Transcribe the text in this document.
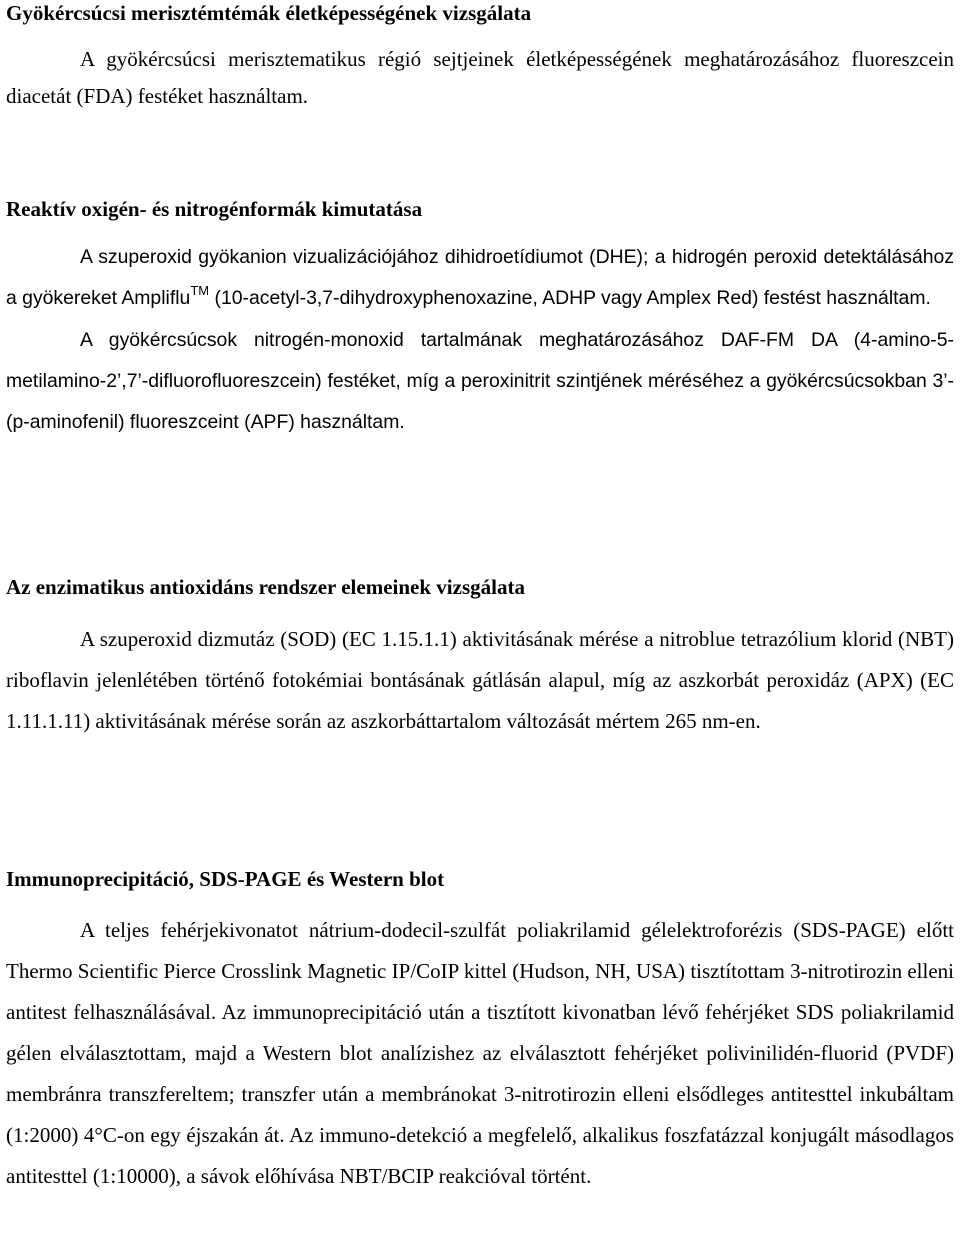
Gyökércsúcsi merisztémtémák életképességének vizsgálata

A gyökércsúcsi merisztematikus régió sejtjeinek életképességének meghatározásához fluoreszcein diacetát (FDA) festéket használtam.

Reaktív oxigén- és nitrogénformák kimutatása

A szuperoxid gyökanion vizualizációjához dihidroetídiumot (DHE); a hidrogén peroxid detektálásához a gyökereket Ampliflu™ (10-acetyl-3,7-dihydroxyphenoxazine, ADHP vagy Amplex Red) festést használtam.

A gyökércsúcsok nitrogén-monoxid tartalmának meghatározásához DAF-FM DA (4-amino-5-metilamino-2’,7’-difluorofluoreszcein) festéket, míg a peroxinitrit szintjének méréséhez a gyökércsúcsokban 3’-(p-aminofenil) fluoreszceint (APF) használtam.

Az enzimatikus antioxidáns rendszer elemeinek vizsgálata

A szuperoxid dizmutáz (SOD) (EC 1.15.1.1) aktivitásának mérése a nitroblue tetrazólium klorid (NBT) riboflavin jelenlétében történő fotokémiai bontásának gátlásán alapul, míg az aszkorbát peroxidáz (APX) (EC 1.11.1.11) aktivitásának mérése során az aszkorbáttartalom változását mértem 265 nm-en.

Immunoprecipitáció, SDS-PAGE és Western blot

A teljes fehérjekivonatot nátrium-dodecil-szulfát poliakrilamid gélelektroforézis (SDS-PAGE) előtt Thermo Scientific Pierce Crosslink Magnetic IP/CoIP kittel (Hudson, NH, USA) tisztítottam 3-nitrotirozin elleni antitest felhasználásával. Az immunoprecipitáció után a tisztított kivonatban lévő fehérjéket SDS poliakrilamid gélen elválasztottam, majd a Western blot analízishez az elválasztott fehérjéket polivinilidén-fluorid (PVDF) membránra transzfereltem; transzfer után a membránokat 3-nitrotirozin elleni elsődleges antitesttel inkubáltam (1:2000) 4°C-on egy éjszakán át. Az immuno-detekció a megfelelő, alkalikus foszfatázzal konjugált másodlagos antitesttel (1:10000), a sávok előhívása NBT/BCIP reakcióval történt.
